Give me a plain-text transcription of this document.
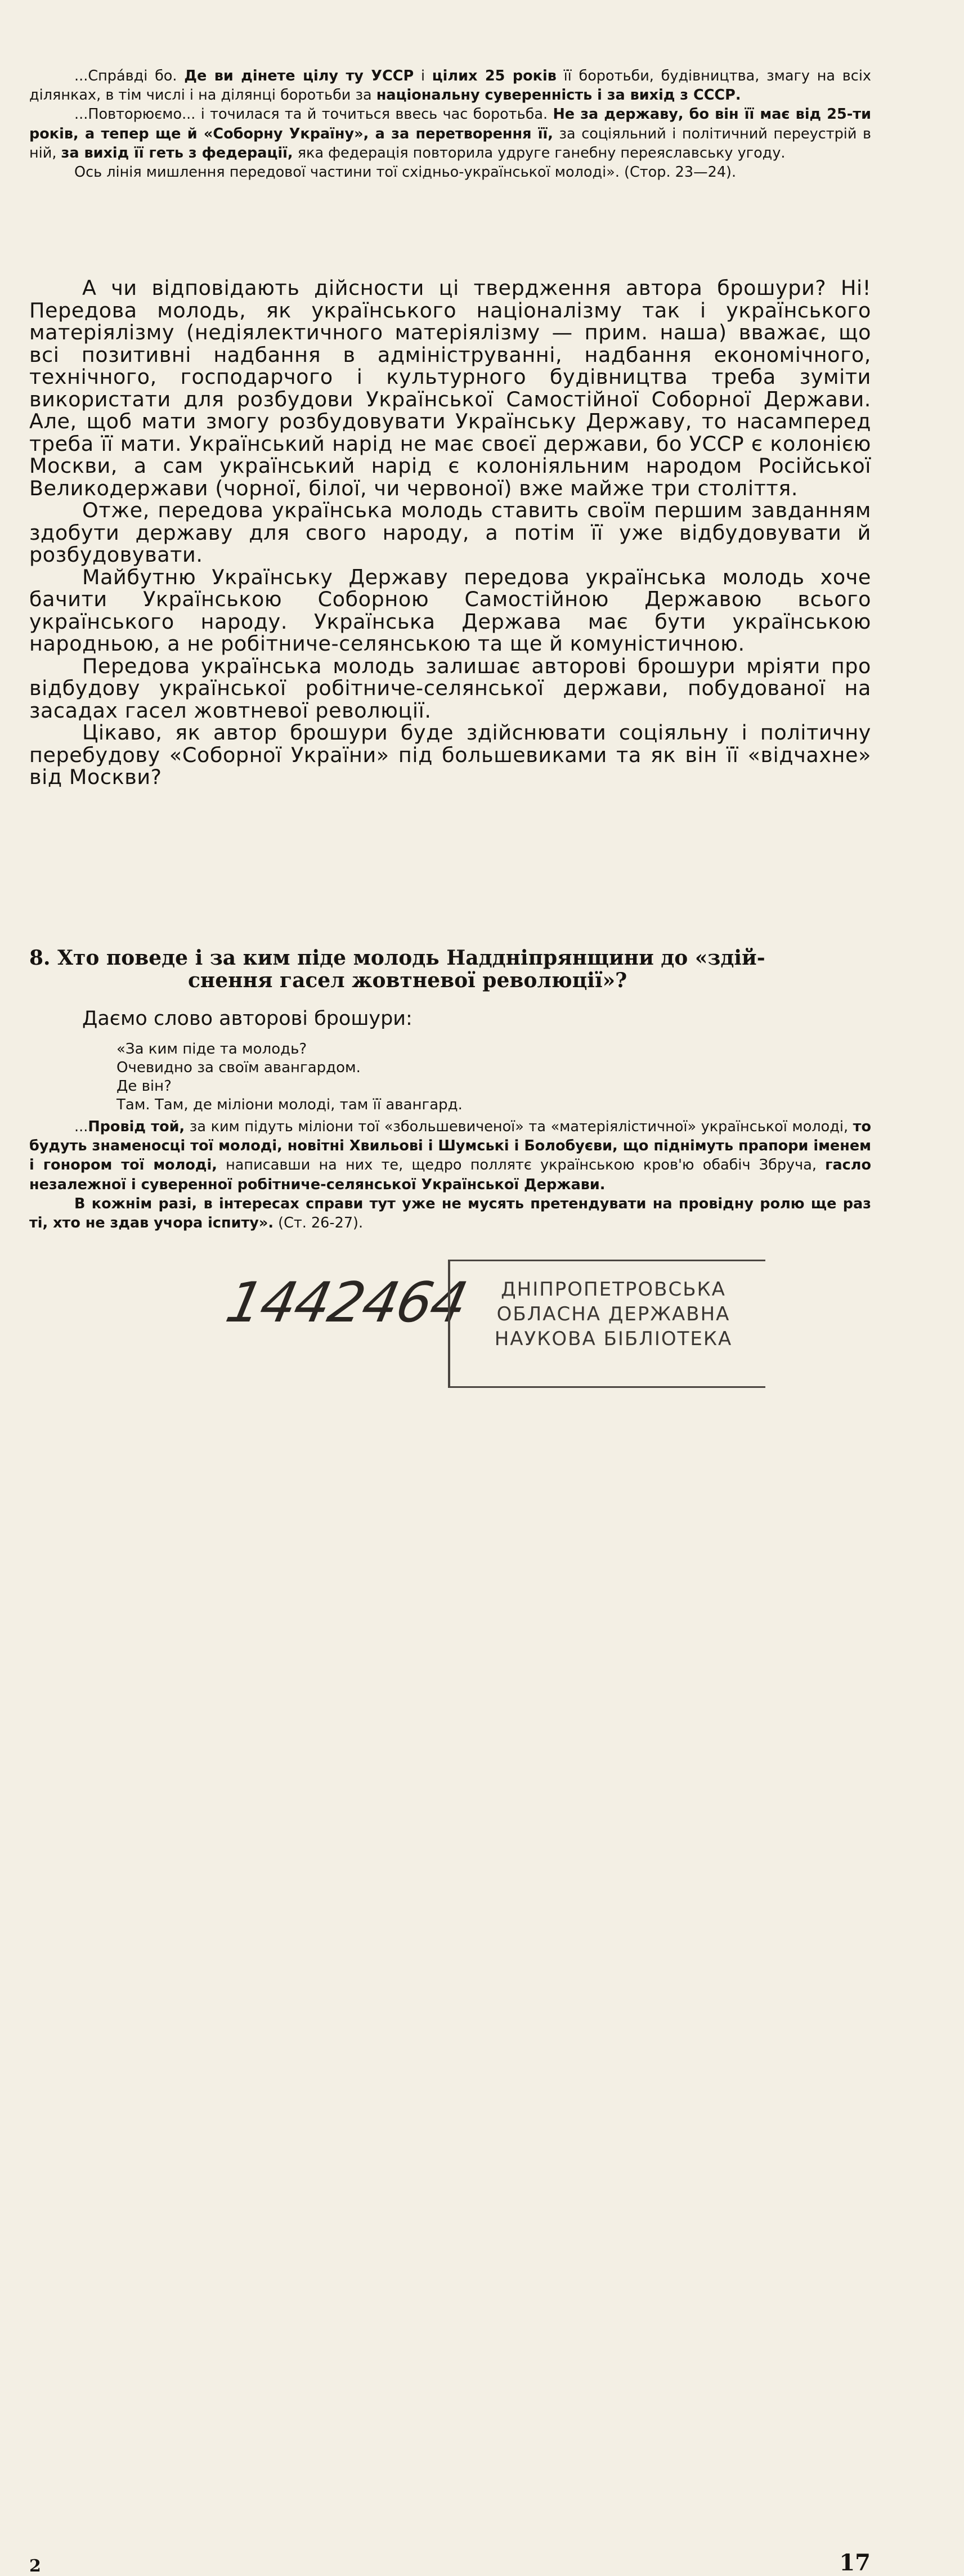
...Спра́вді бо. Де ви дінете цілу ту УССР і цілих 25 років її боротьби, будівництва, змагу на всіх ділянках, в тім числі і на ділянці боротьби за національну суверенність і за вихід з СССР.

...Повторюємо... і точилася та й точиться ввесь час боротьба. Не за державу, бо він її має від 25-ти років, а тепер ще й «Соборну Україну», а за перетворення її, за соціяльний і політичний переустрій в ній, за вихід її геть з федерації, яка федерація повторила удруге ганебну переяславську угоду.

Ось лінія мишлення передової частини тої східньо-української молоді». (Стор. 23—24).

А чи відповідають дійсности ці твердження автора брошури? Ні! Передова молодь, як українського націоналізму так і українського матеріялізму (недіялектичного матеріялізму — прим. наша) вважає, що всі позитивні надбання в адмініструванні, надбання економічного, технічного, господарчого і культурного будівництва треба зуміти використати для розбудови Української Самостійної Соборної Держави. Але, щоб мати змогу розбудовувати Українську Державу, то насамперед треба її мати. Український нарід не має своєї держави, бо УССР є колонією Москви, а сам український нарід є колоніяльним народом Російської Великодержави (чорної, білої, чи червоної) вже майже три століття.

Отже, передова українська молодь ставить своїм першим завданням здобути державу для свого народу, а потім її уже відбудовувати й розбудовувати.

Майбутню Українську Державу передова українська молодь хоче бачити Українською Соборною Самостійною Державою всього українського народу. Українська Держава має бути українською народньою, а не робітниче-селянською та ще й комуністичною.

Передова українська молодь залишає авторові брошури мріяти про відбудову української робітниче-селянської держави, побудованої на засадах гасел жовтневої революції.

Цікаво, як автор брошури буде здійснювати соціяльну і політичну перебудову «Соборної України» під большевиками та як він її «відчахне» від Москви?

8. Хто поведе і за ким піде молодь Наддніпрянщини до «здій-
снення гасел жовтневої революції»?

Даємо слово авторові брошури:

«За ким піде та молодь?

Очевидно за своїм авангардом.

Де він?

Там. Там, де міліони молоді, там її авангард.

...Провід той, за ким підуть міліони тої «збольшевиченої» та «матеріялістичної» української молоді, то будуть знаменосці тої молоді, новітні Хвильові і Шумські і Болобуєви, що піднімуть прапори іменем і гонором тої молоді, написавши на них те, щедро поллятє українською кров'ю обабіч Збруча, гасло незалежної і суверенної робітниче-селянської Української Держави.

В кожнім разі, в інтересах справи тут уже не мусять претендувати на провідну ролю ще раз ті, хто не здав учора іспиту». (Ст. 26-27).

2	17
1442464	ДНІПРОПЕТРОВСЬКА
ОБЛАСНА ДЕРЖАВНА
НАУКОВА БІБЛІОТЕКА
